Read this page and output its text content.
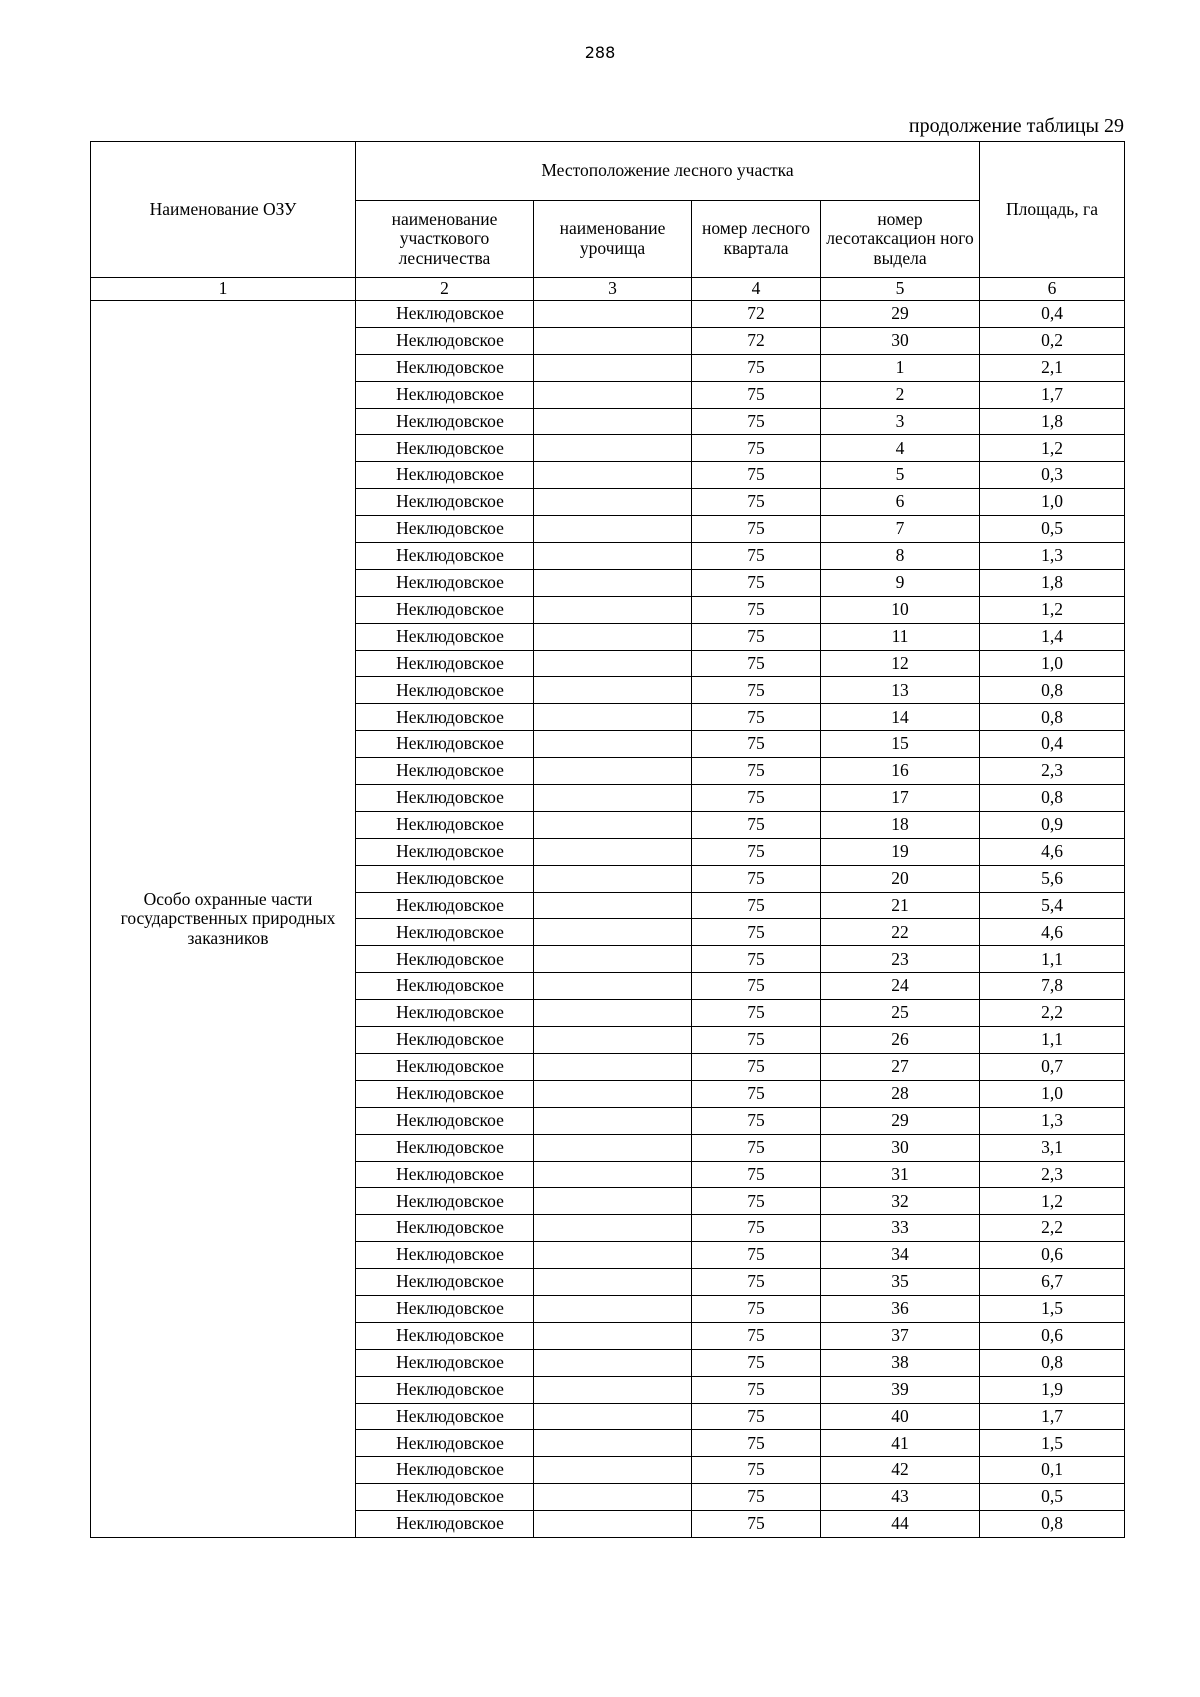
288
продолжение таблицы 29
Наименование ОЗУ	Местоположение лесного участка				Площадь, га

	наименование участкового лесничества	наименование урочища	номер лесного квартала	номер лесотаксацион ного выдела	
1	2	3	4	5	6
Особо охранные части государственных природных заказников	Неклюдовское		72	29	0,4
	Неклюдовское		72	30	0,2
	Неклюдовское		75	1	2,1
	Неклюдовское		75	2	1,7
	Неклюдовское		75	3	1,8
	Неклюдовское		75	4	1,2
	Неклюдовское		75	5	0,3
	Неклюдовское		75	6	1,0
	Неклюдовское		75	7	0,5
	Неклюдовское		75	8	1,3
	Неклюдовское		75	9	1,8
	Неклюдовское		75	10	1,2
	Неклюдовское		75	11	1,4
	Неклюдовское		75	12	1,0
	Неклюдовское		75	13	0,8
	Неклюдовское		75	14	0,8
	Неклюдовское		75	15	0,4
	Неклюдовское		75	16	2,3
	Неклюдовское		75	17	0,8
	Неклюдовское		75	18	0,9
	Неклюдовское		75	19	4,6
	Неклюдовское		75	20	5,6
	Неклюдовское		75	21	5,4
	Неклюдовское		75	22	4,6
	Неклюдовское		75	23	1,1
	Неклюдовское		75	24	7,8
	Неклюдовское		75	25	2,2
	Неклюдовское		75	26	1,1
	Неклюдовское		75	27	0,7
	Неклюдовское		75	28	1,0
	Неклюдовское		75	29	1,3
	Неклюдовское		75	30	3,1
	Неклюдовское		75	31	2,3
	Неклюдовское		75	32	1,2
	Неклюдовское		75	33	2,2
	Неклюдовское		75	34	0,6
	Неклюдовское		75	35	6,7
	Неклюдовское		75	36	1,5
	Неклюдовское		75	37	0,6
	Неклюдовское		75	38	0,8
	Неклюдовское		75	39	1,9
	Неклюдовское		75	40	1,7
	Неклюдовское		75	41	1,5
	Неклюдовское		75	42	0,1
	Неклюдовское		75	43	0,5
	Неклюдовское		75	44	0,8
